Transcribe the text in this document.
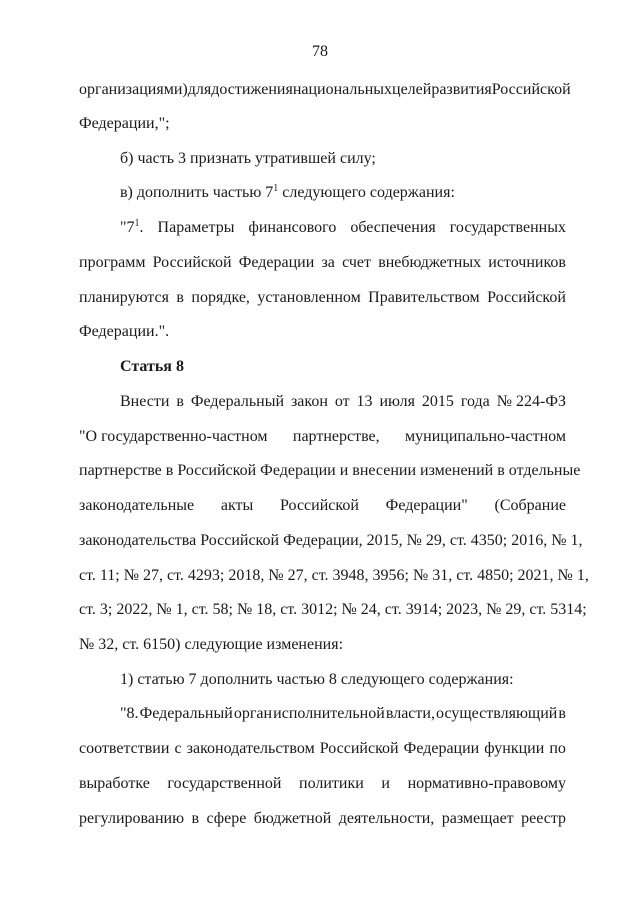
78
организациями) для достижения национальных целей развития Российской
Федерации,";
б) часть 3 признать утратившей силу;
в) дополнить частью $7^1$ следующего содержания:
"$7^1$. Параметры финансового обеспечения государственных
программ Российской Федерации за счет внебюджетных источников
планируются в порядке, установленном Правительством Российской
Федерации.".
Статья 8
Внести в Федеральный закон от 13 июля 2015 года № 224-ФЗ
"О государственно-частном партнерстве, муниципально-частном
партнерстве в Российской Федерации и внесении изменений в отдельные
законодательные акты Российской Федерации" (Собрание
законодательства Российской Федерации, 2015, № 29, ст. 4350; 2016, № 1,
ст. 11; № 27, ст. 4293; 2018, № 27, ст. 3948, 3956; № 31, ст. 4850; 2021, № 1,
ст. 3; 2022, № 1, ст. 58; № 18, ст. 3012; № 24, ст. 3914; 2023, № 29, ст. 5314;
№ 32, ст. 6150) следующие изменения:
1) статью 7 дополнить частью 8 следующего содержания:
"8. Федеральный орган исполнительной власти, осуществляющий в
соответствии с законодательством Российской Федерации функции по
выработке государственной политики и нормативно-правовому
регулированию в сфере бюджетной деятельности, размещает реестр
